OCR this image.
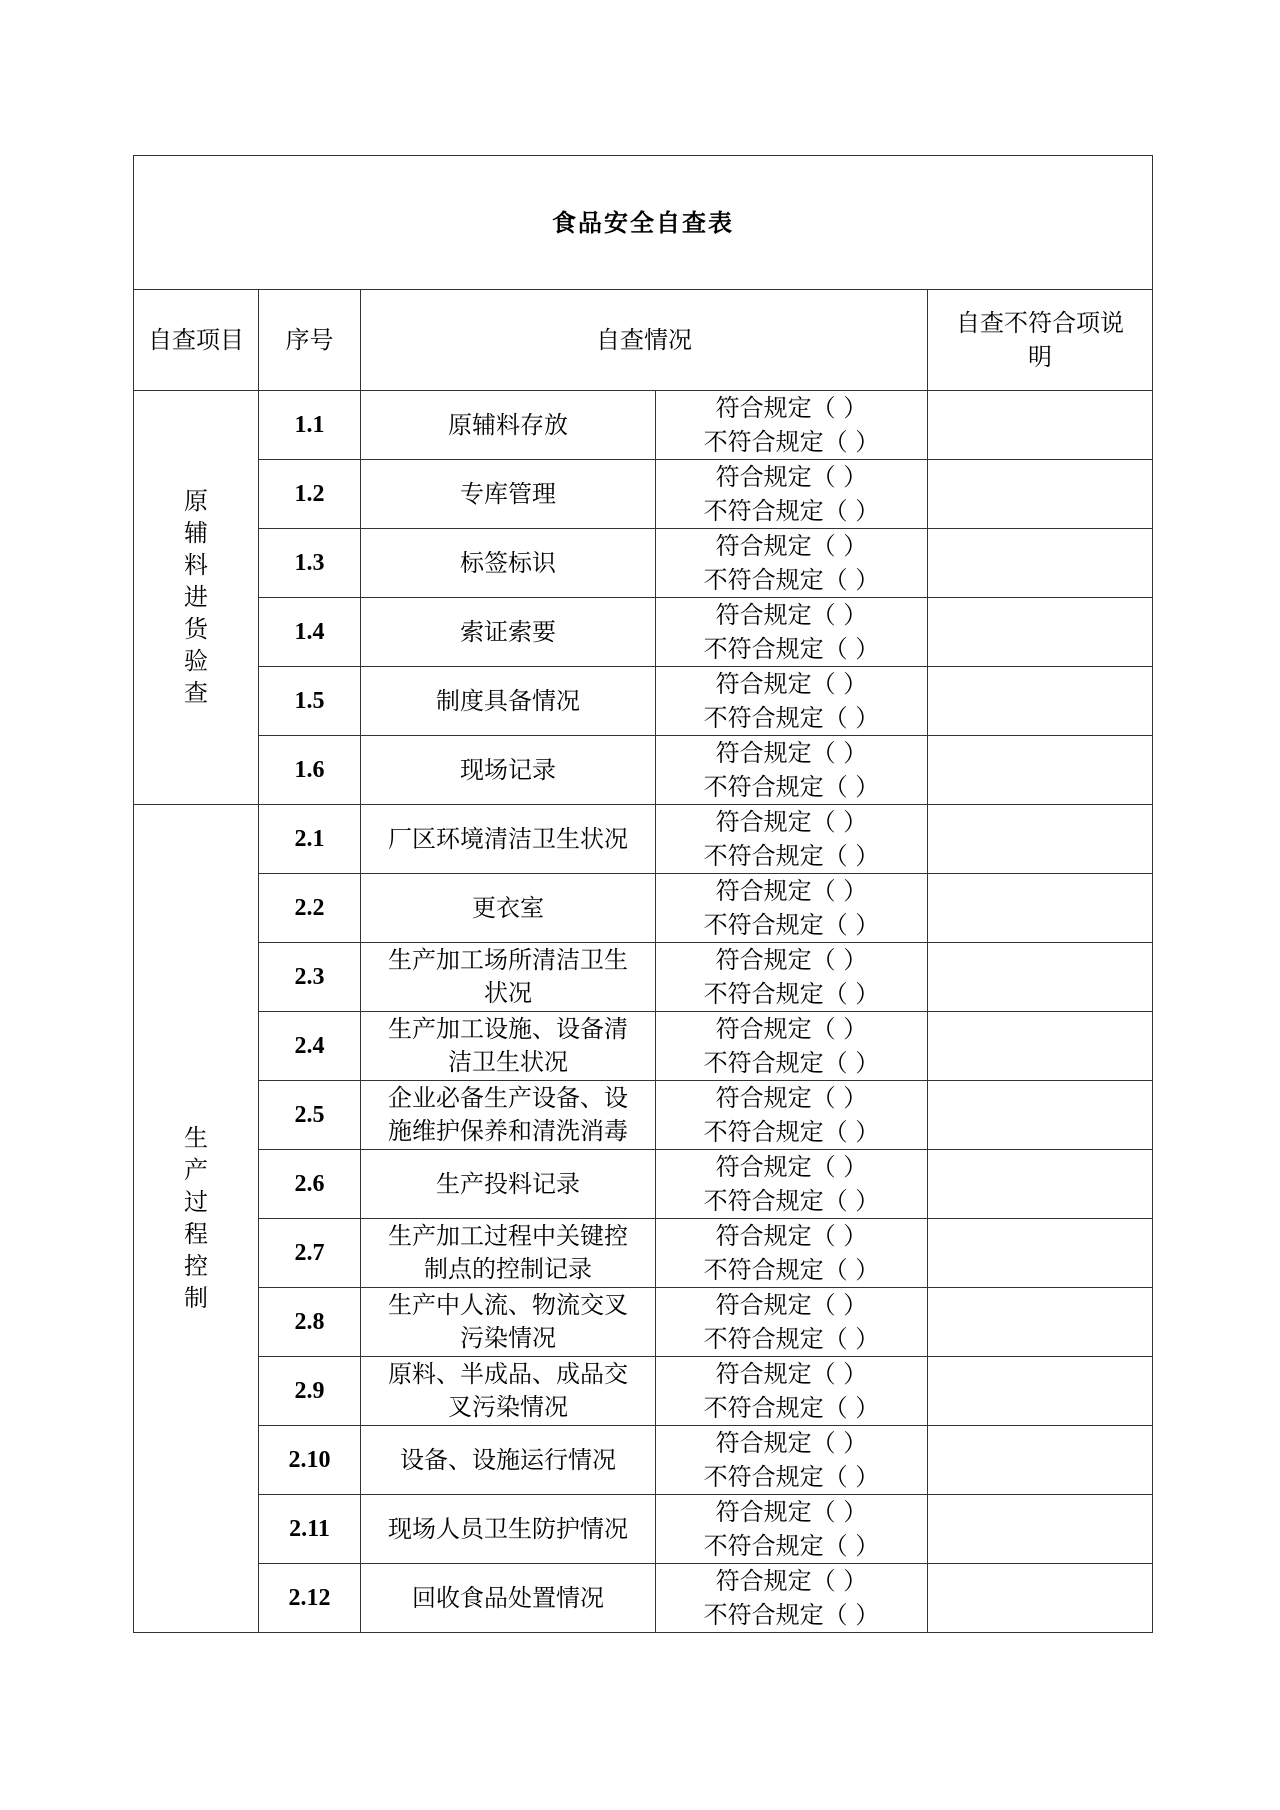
食品安全自查表				
自查项目	序号	自查情况		自查不符合项说明
原辅料进货验查	1.1	原辅料存放	符合规定（ ）
不符合规定（ ）	

	1.2	专库管理	符合规定（ ）
不符合规定（ ）	

	1.3	标签标识	符合规定（ ）
不符合规定（ ）	

	1.4	索证索要	符合规定（ ）
不符合规定（ ）	

	1.5	制度具备情况	符合规定（ ）
不符合规定（ ）	

	1.6	现场记录	符合规定（ ）
不符合规定（ ）	

生产过程控制	2.1	厂区环境清洁卫生状况	符合规定（ ）
不符合规定（ ）	

	2.2	更衣室	符合规定（ ）
不符合规定（ ）	

	2.3	生产加工场所清洁卫生状况	符合规定（ ）
不符合规定（ ）	

	2.4	生产加工设施、设备清洁卫生状况	符合规定（ ）
不符合规定（ ）	

	2.5	企业必备生产设备、设施维护保养和清洗消毒	符合规定（ ）
不符合规定（ ）	

	2.6	生产投料记录	符合规定（ ）
不符合规定（ ）	

	2.7	生产加工过程中关键控制点的控制记录	符合规定（ ）
不符合规定（ ）	

	2.8	生产中人流、物流交叉污染情况	符合规定（ ）
不符合规定（ ）	

	2.9	原料、半成品、成品交叉污染情况	符合规定（ ）
不符合规定（ ）	

	2.10	设备、设施运行情况	符合规定（ ）
不符合规定（ ）	

	2.11	现场人员卫生防护情况	符合规定（ ）
不符合规定（ ）	

	2.12	回收食品处置情况	符合规定（ ）
不符合规定（ ）	
